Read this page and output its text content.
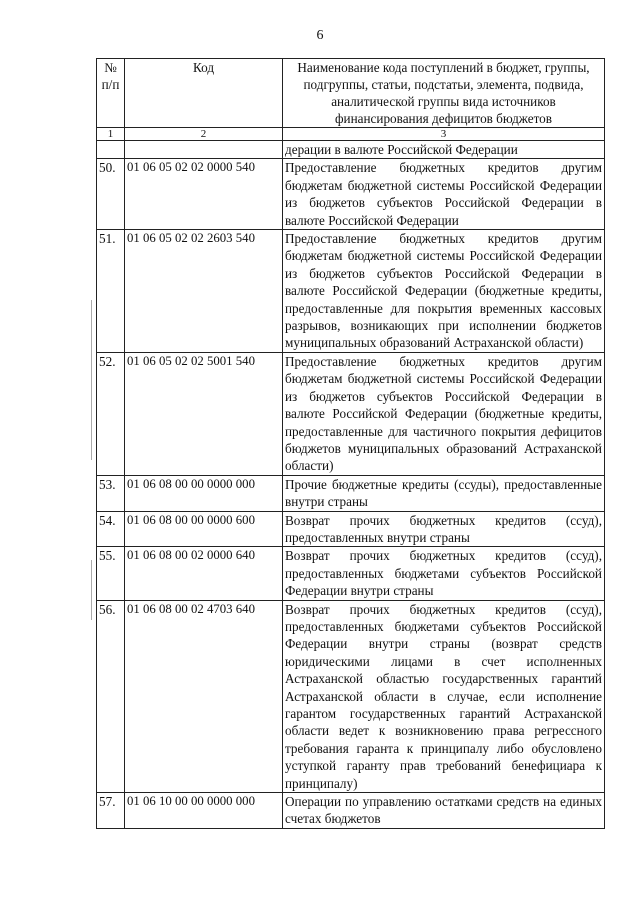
6
№ п/п	Код	Наименование кода поступлений в бюджет, группы, подгруппы, статьи, подстатьи, элемента, подвида, аналитической группы вида источников финансирования дефицитов бюджетов
1	2	3
		дерации в валюте Российской Федерации
50.	01 06 05 02 02 0000 540	Предоставление бюджетных кредитов другим бюджетам бюджетной системы Российской Федерации из бюджетов субъектов Российской Федерации в валюте Российской Федерации
51.	01 06 05 02 02 2603 540	Предоставление бюджетных кредитов другим бюджетам бюджетной системы Российской Федерации из бюджетов субъектов Российской Федерации в валюте Российской Федерации (бюджетные кредиты, предоставленные для покрытия временных кассовых разрывов, возникающих при исполнении бюджетов муниципальных образований Астраханской области)
52.	01 06 05 02 02 5001 540	Предоставление бюджетных кредитов другим бюджетам бюджетной системы Российской Федерации из бюджетов субъектов Российской Федерации в валюте Российской Федерации (бюджетные кредиты, предоставленные для частичного покрытия дефицитов бюджетов муниципальных образований Астраханской области)
53.	01 06 08 00 00 0000 000	Прочие бюджетные кредиты (ссуды), предоставленные внутри страны
54.	01 06 08 00 00 0000 600	Возврат прочих бюджетных кредитов (ссуд), предоставленных внутри страны
55.	01 06 08 00 02 0000 640	Возврат прочих бюджетных кредитов (ссуд), предоставленных бюджетами субъектов Российской Федерации внутри страны
56.	01 06 08 00 02 4703 640	Возврат прочих бюджетных кредитов (ссуд), предоставленных бюджетами субъектов Российской Федерации внутри страны (возврат средств юридическими лицами в счет исполненных Астраханской областью государственных гарантий Астраханской области в случае, если исполнение гарантом государственных гарантий Астраханской области ведет к возникновению права регрессного требования гаранта к принципалу либо обусловлено уступкой гаранту прав требований бенефициара к принципалу)
57.	01 06 10 00 00 0000 000	Операции по управлению остатками средств на единых счетах бюджетов
